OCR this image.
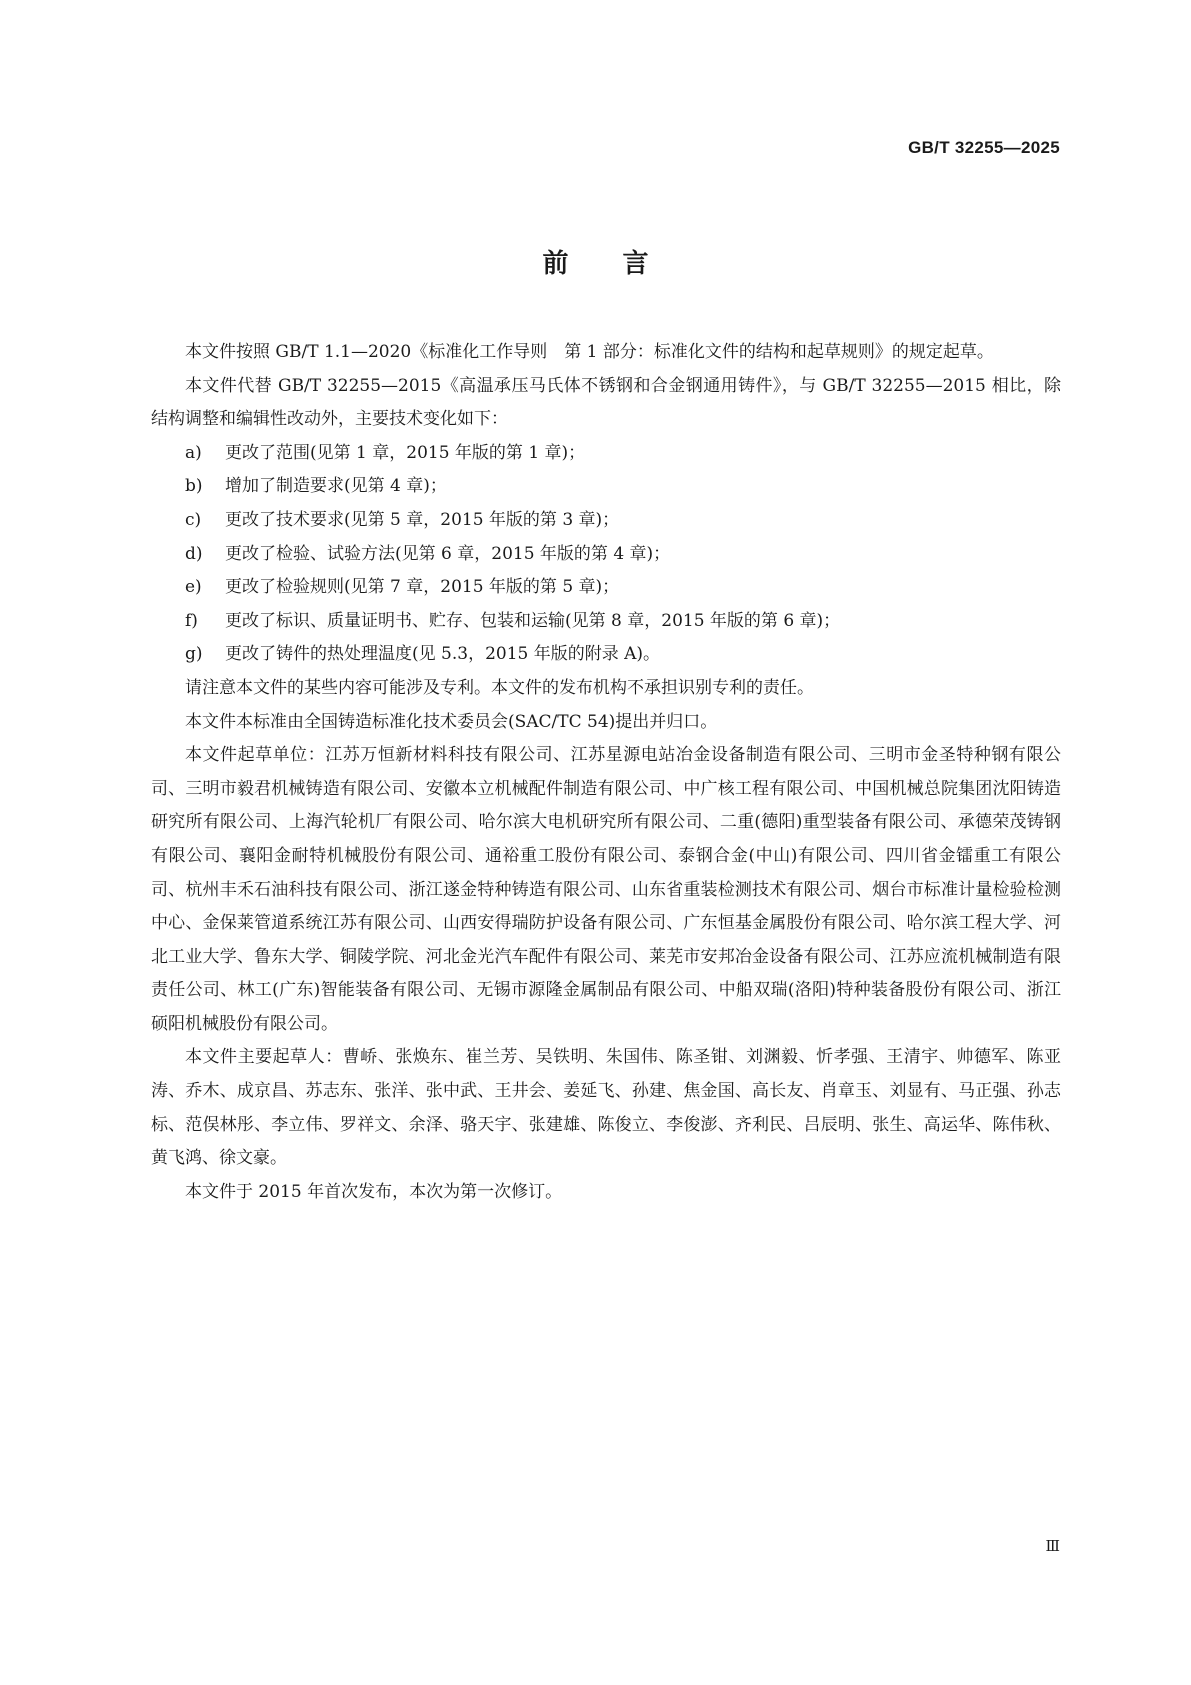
GB/T 32255—2025
前言

本文件按照 GB/T 1.1—2020《标准化工作导则　第 1 部分：标准化文件的结构和起草规则》的规定起草。

本文件代替 GB/T 32255—2015《高温承压马氏体不锈钢和合金钢通用铸件》，与 GB/T 32255—2015 相比，除结构调整和编辑性改动外，主要技术变化如下：

a) 更改了范围(见第 1 章，2015 年版的第 1 章)；
b) 增加了制造要求(见第 4 章)；
c) 更改了技术要求(见第 5 章，2015 年版的第 3 章)；
d) 更改了检验、试验方法(见第 6 章，2015 年版的第 4 章)；
e) 更改了检验规则(见第 7 章，2015 年版的第 5 章)；
f) 更改了标识、质量证明书、贮存、包装和运输(见第 8 章，2015 年版的第 6 章)；
g) 更改了铸件的热处理温度(见 5.3，2015 年版的附录 A)。

请注意本文件的某些内容可能涉及专利。本文件的发布机构不承担识别专利的责任。

本文件本标准由全国铸造标准化技术委员会(SAC/TC 54)提出并归口。

本文件起草单位：江苏万恒新材料科技有限公司、江苏星源电站冶金设备制造有限公司、三明市金圣特种钢有限公司、三明市毅君机械铸造有限公司、安徽本立机械配件制造有限公司、中广核工程有限公司、中国机械总院集团沈阳铸造研究所有限公司、上海汽轮机厂有限公司、哈尔滨大电机研究所有限公司、二重(德阳)重型装备有限公司、承德荣茂铸钢有限公司、襄阳金耐特机械股份有限公司、通裕重工股份有限公司、泰钢合金(中山)有限公司、四川省金镭重工有限公司、杭州丰禾石油科技有限公司、浙江遂金特种铸造有限公司、山东省重装检测技术有限公司、烟台市标准计量检验检测中心、金保莱管道系统江苏有限公司、山西安得瑞防护设备有限公司、广东恒基金属股份有限公司、哈尔滨工程大学、河北工业大学、鲁东大学、铜陵学院、河北金光汽车配件有限公司、莱芜市安邦冶金设备有限公司、江苏应流机械制造有限责任公司、林工(广东)智能装备有限公司、无锡市源隆金属制品有限公司、中船双瑞(洛阳)特种装备股份有限公司、浙江硕阳机械股份有限公司。

本文件主要起草人：曹峤、张焕东、崔兰芳、吴铁明、朱国伟、陈圣钳、刘渊毅、忻孝强、王清宇、帅德军、陈亚涛、乔木、成京昌、苏志东、张洋、张中武、王井会、姜延飞、孙建、焦金国、高长友、肖章玉、刘显有、马正强、孙志标、范俣林彤、李立伟、罗祥文、余泽、骆天宇、张建雄、陈俊立、李俊澎、齐利民、吕辰明、张生、高运华、陈伟秋、黄飞鸿、徐文豪。

本文件于 2015 年首次发布，本次为第一次修订。

Ⅲ
